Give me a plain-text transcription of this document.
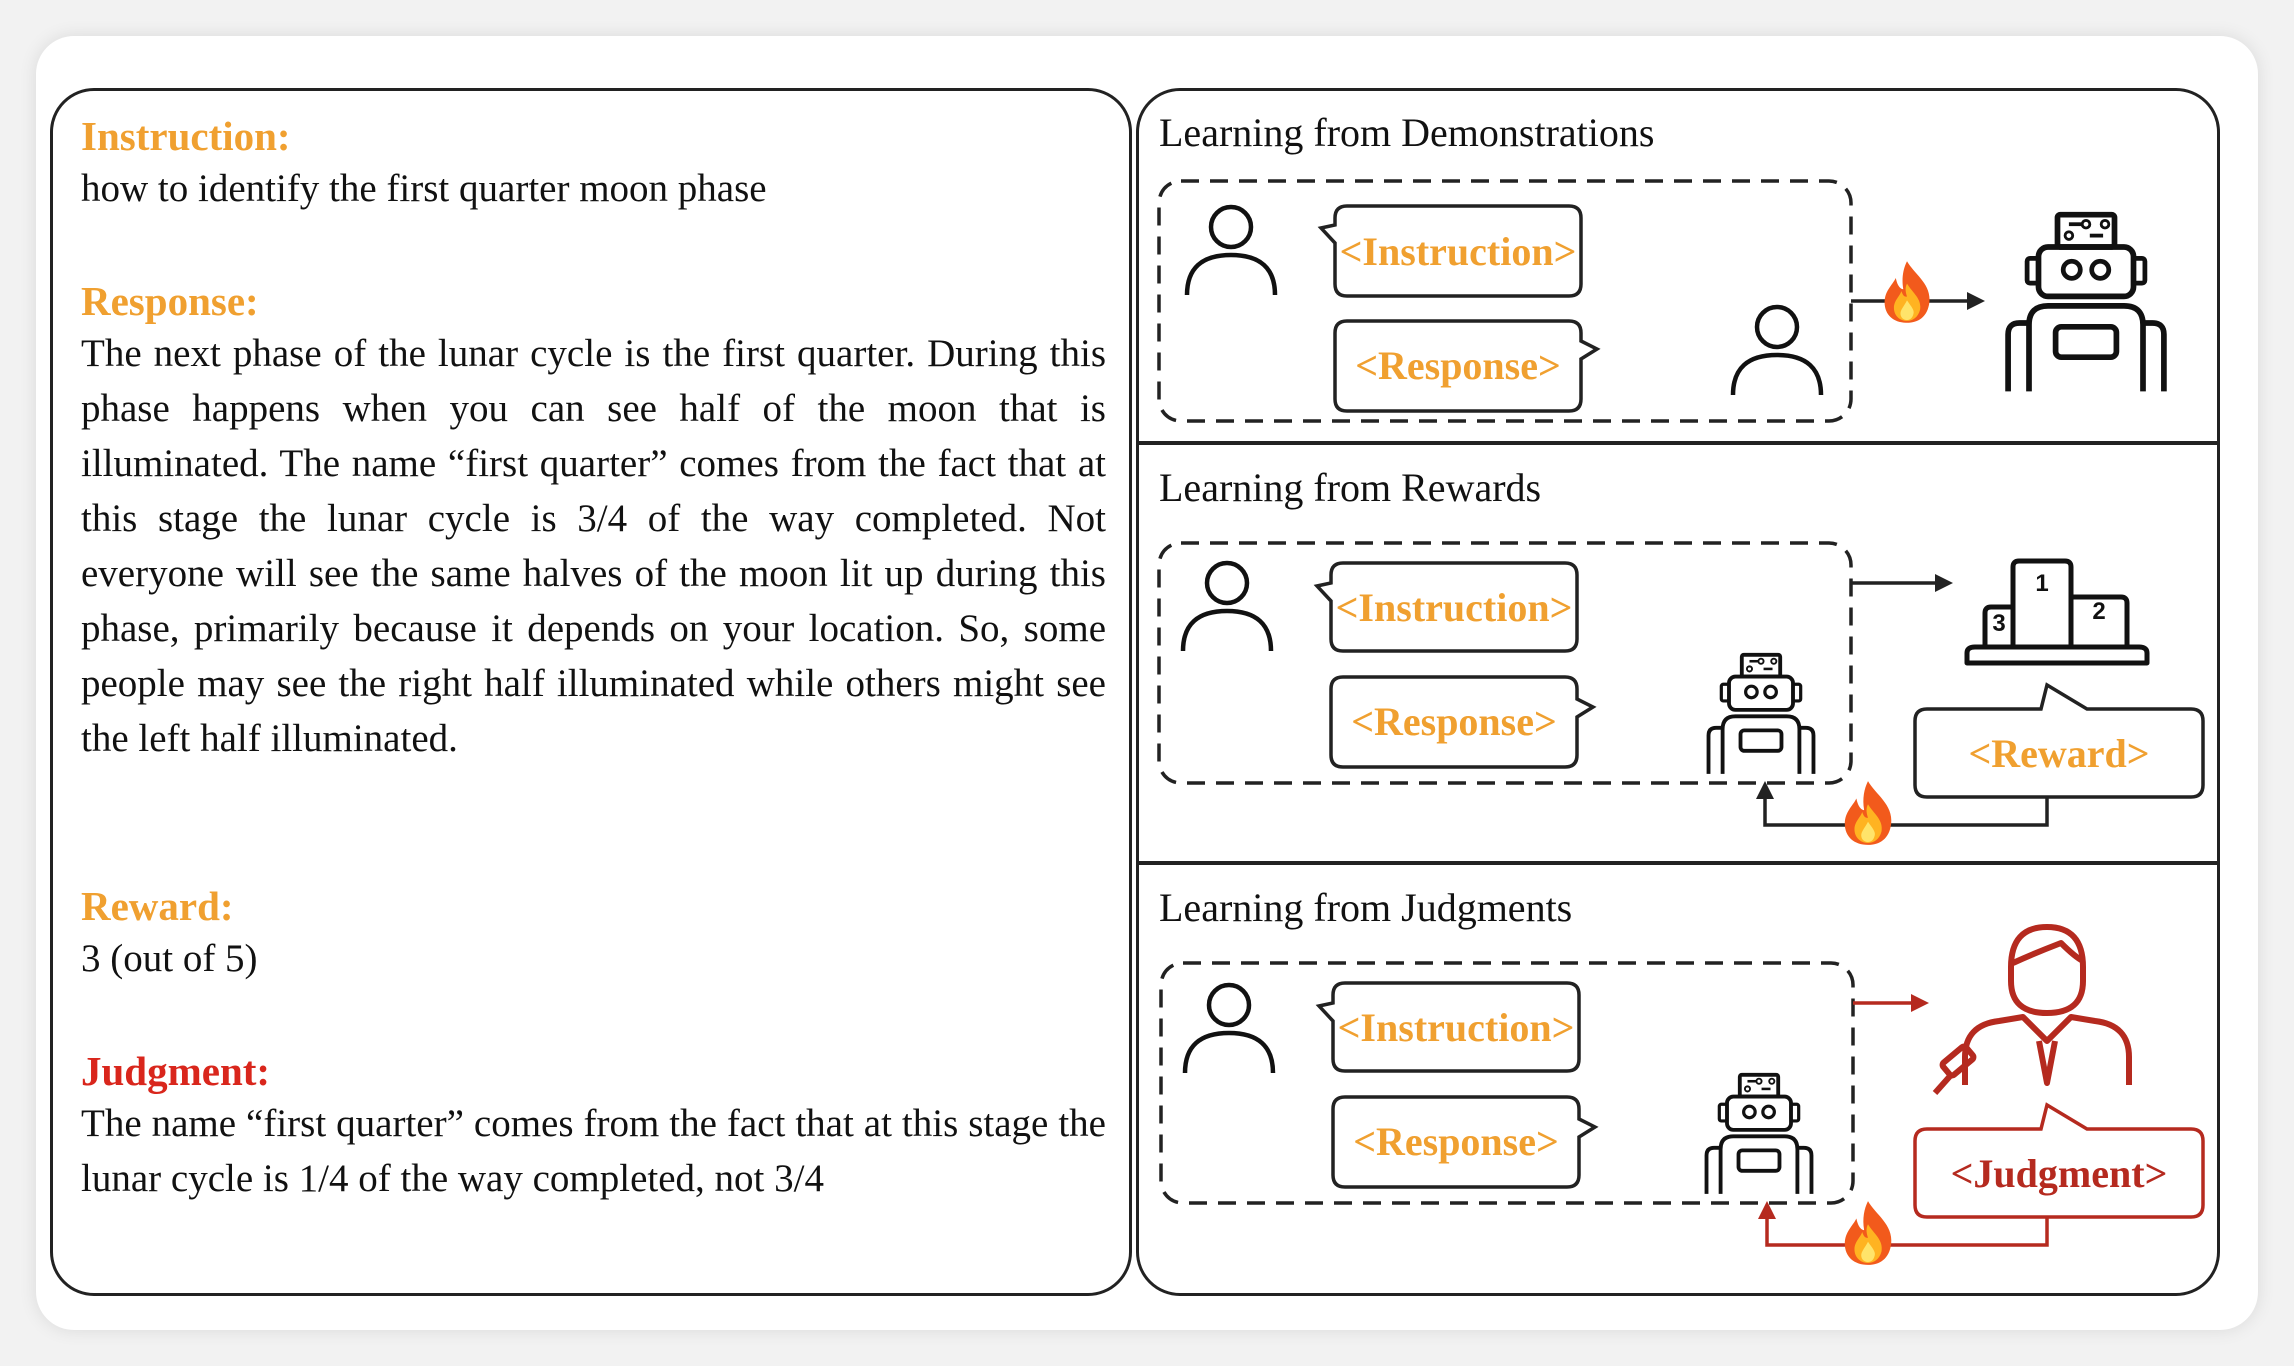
Instruction:
how to identify the first quarter moon phase
Response:
The next phase of the lunar cycle is the first quarter. During this phase happens when you can see half of the moon that is illuminated. The name “first quarter” comes from the fact that at this stage the lunar cycle is 3/4 of the way completed. Not everyone will see the same halves of the moon lit up during this phase, primarily because it depends on your location. So, some people may see the right half illuminated while others might see the left half illuminated.
Reward:
3 (out of 5)
Judgment:
The name “first quarter” comes from the fact that at this stage the lunar cycle is 1/4 of the way completed, not 3/4
Learning from Demonstrations
Learning from Rewards
Learning from Judgments
<Instruction>
<Response>
<Instruction>
<Response>
1
2
3
<Reward>
<Instruction>
<Response>
<Judgment>
